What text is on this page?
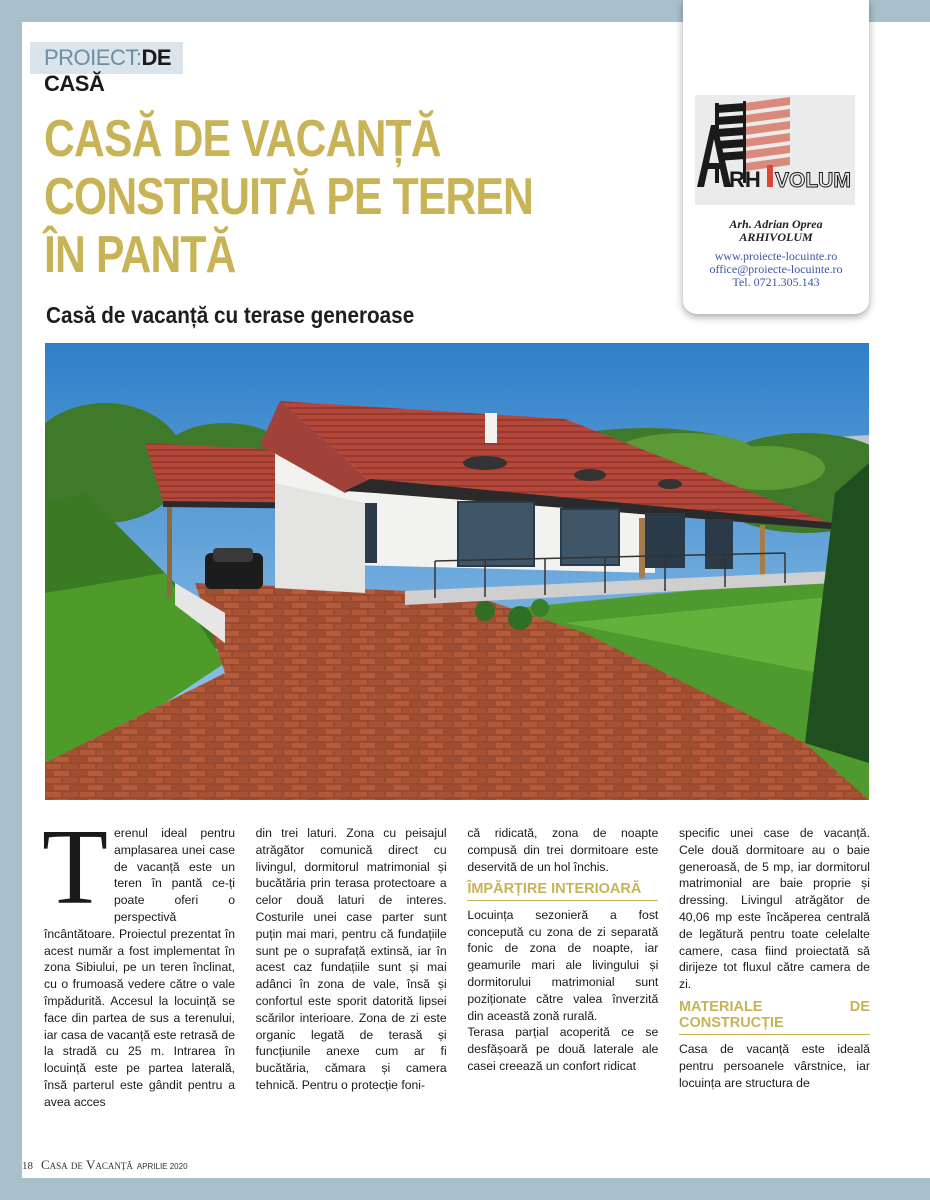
PROIECT:DE CASĂ
CASĂ DE VACANȚĂ
CONSTRUITĂ PE TEREN
ÎN PANTĂ
Casă de vacanță cu terase generoase
RH VOLUM
Arh. Adrian Oprea
ARHIVOLUM
www.proiecte-locuinte.ro
office@proiecte-locuinte.ro
Tel. 0721.305.143

Terenul ideal pentru amplasarea unei case de vacanță este un teren în pantă ce-ți poate oferi o perspectivă încântătoare. Proiectul prezentat în acest număr a fost implementat în zona Sibiului, pe un teren înclinat, cu o frumoasă vedere către o vale împădurită. Accesul la locuință se face din partea de sus a terenului, iar casa de vacanță este retrasă de la stradă cu 25 m. Intrarea în locuință este pe partea laterală, însă parterul este gândit pentru a avea acces

din trei laturi. Zona cu peisajul atrăgător comunică direct cu livingul, dormitorul matrimonial și bucătăria prin terasa protectoare a celor două laturi de interes. Costurile unei case parter sunt puțin mai mari, pentru că fundațiile sunt pe o suprafață extinsă, iar în acest caz fundațiile sunt și mai adânci în zona de vale, însă și confortul este sporit datorită lipsei scărilor interioare. Zona de zi este organic legată de terasă și funcțiunile anexe cum ar fi bucătăria, cămara și camera tehnică. Pentru o protecție foni-

că ridicată, zona de noapte compusă din trei dormitoare este deservită de un hol închis.

ÎMPĂRȚIRE INTERIOARĂ

Locuința sezonieră a fost concepută cu zona de zi separată fonic de zona de noapte, iar geamurile mari ale livingului și dormitorului matrimonial sunt poziționate către valea înverzită din această zonă rurală.

Terasa parțial acoperită ce se desfășoară pe două laterale ale casei creează un confort ridicat

specific unei case de vacanță. Cele două dormitoare au o baie generoasă, de 5 mp, iar dormitorul matrimonial are baie proprie și dressing. Livingul atrăgător de 40,06 mp este încăperea centrală de legătură pentru toate celelalte camere, casa fiind proiectată să dirijeze tot fluxul către camera de zi.

MATERIALE DE CONSTRUCȚIE

Casa de vacanță este ideală pentru persoanele vârstnice, iar locuința are structura de

18 Casa de Vacanță APRILIE 2020
